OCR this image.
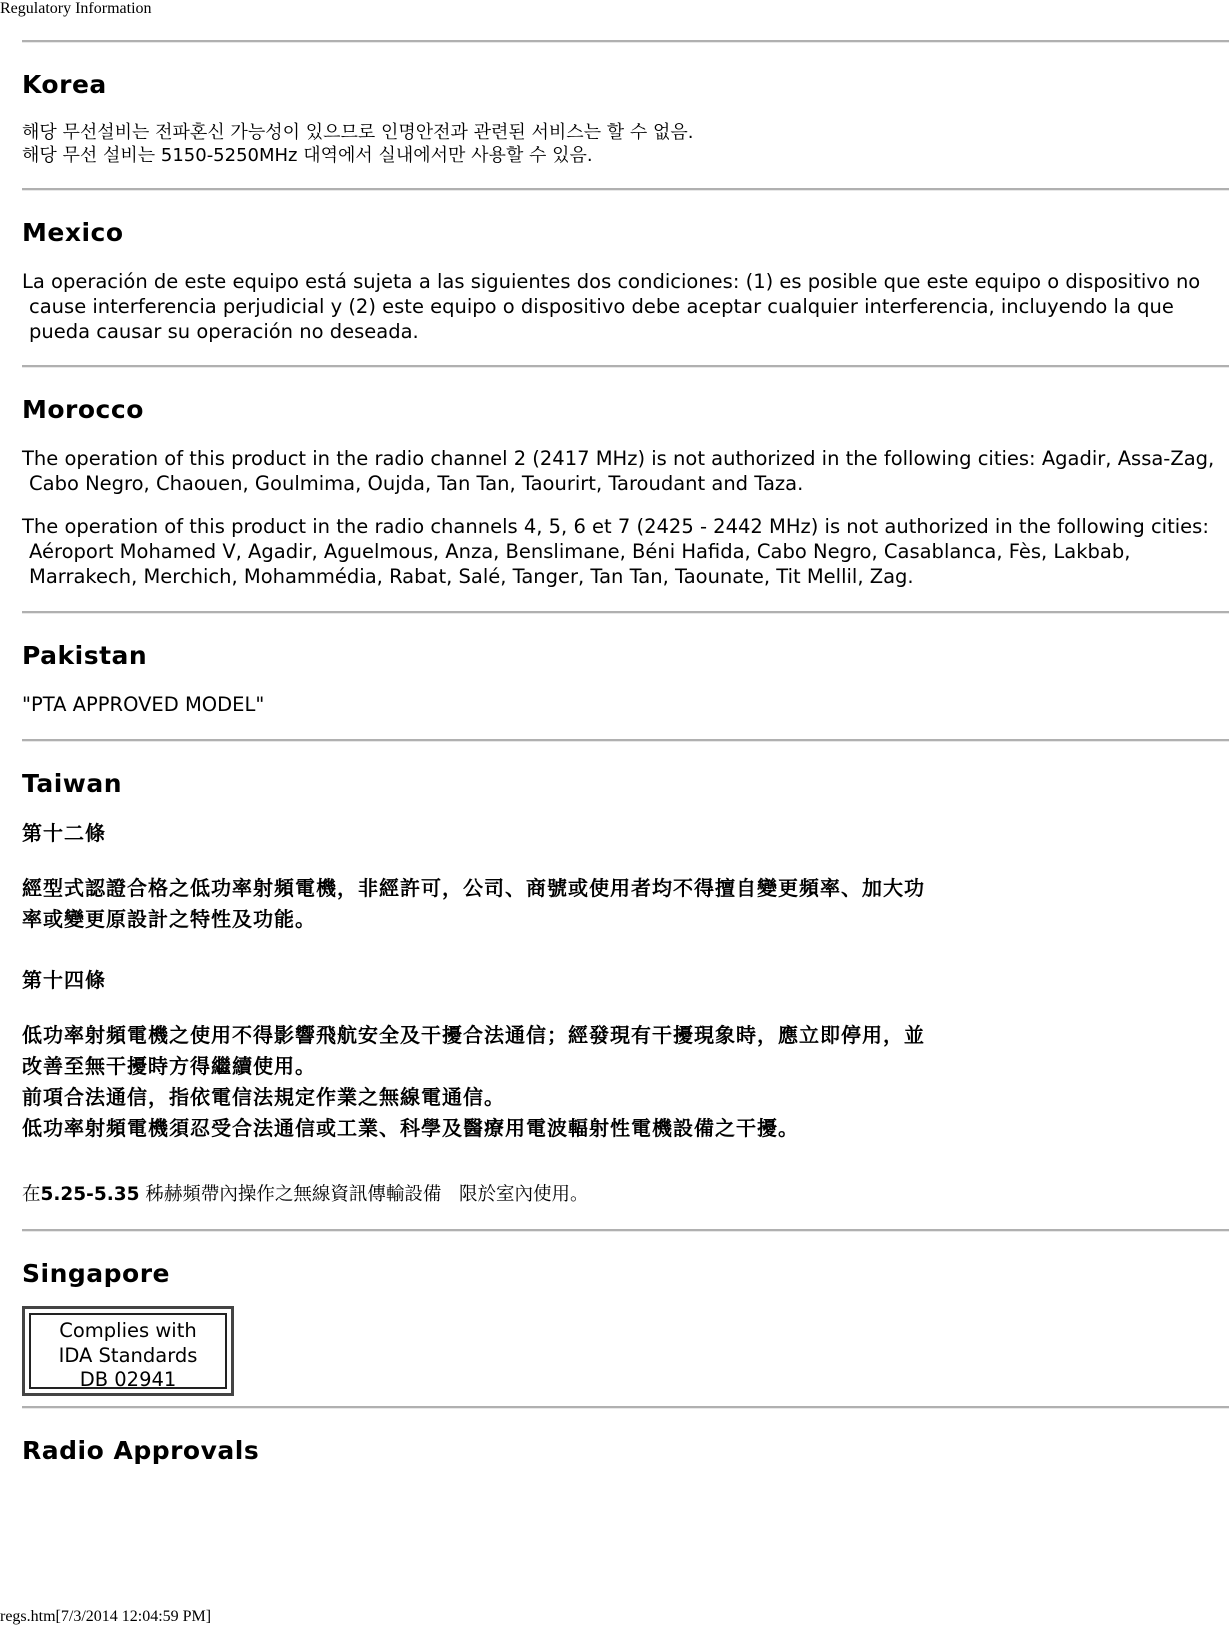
Regulatory Information
Korea
해당 무선설비는 전파혼신 가능성이 있으므로 인명안전과 관련된 서비스는 할 수 없음.
해당 무선 설비는 5150-5250MHz 대역에서 실내에서만 사용할 수 있음.
Mexico

La operación de este equipo está sujeta a las siguientes dos condiciones: (1) es posible que este equipo o dispositivo no cause interferencia perjudicial y (2) este equipo o dispositivo debe aceptar cualquier interferencia, incluyendo la que pueda causar su operación no deseada.

Morocco

The operation of this product in the radio channel 2 (2417 MHz) is not authorized in the following cities: Agadir, Assa-Zag, Cabo Negro, Chaouen, Goulmima, Oujda, Tan Tan, Taourirt, Taroudant and Taza.

The operation of this product in the radio channels 4, 5, 6 et 7 (2425 - 2442 MHz) is not authorized in the following cities: Aéroport Mohamed V, Agadir, Aguelmous, Anza, Benslimane, Béni Hafida, Cabo Negro, Casablanca, Fès, Lakbab, Marrakech, Merchich, Mohammédia, Rabat, Salé, Tanger, Tan Tan, Taounate, Tit Mellil, Zag.

Pakistan

"PTA APPROVED MODEL"

Taiwan
第十二條
經型式認證合格之低功率射頻電機，非經許可，公司、商號或使用者均不得擅自變更頻率、加大功
率或變更原設計之特性及功能。
第十四條
低功率射頻電機之使用不得影響飛航安全及干擾合法通信；經發現有干擾現象時，應立即停用，並
改善至無干擾時方得繼續使用。
前項合法通信，指依電信法規定作業之無線電通信。
低功率射頻電機須忍受合法通信或工業、科學及醫療用電波輻射性電機設備之干擾。

在5.25-5.35 秭赫頻帶內操作之無線資訊傳輸設備   限於室內使用。

Singapore
Complies with
IDA Standards
DB 02941
Radio Approvals
regs.htm[7/3/2014 12:04:59 PM]
